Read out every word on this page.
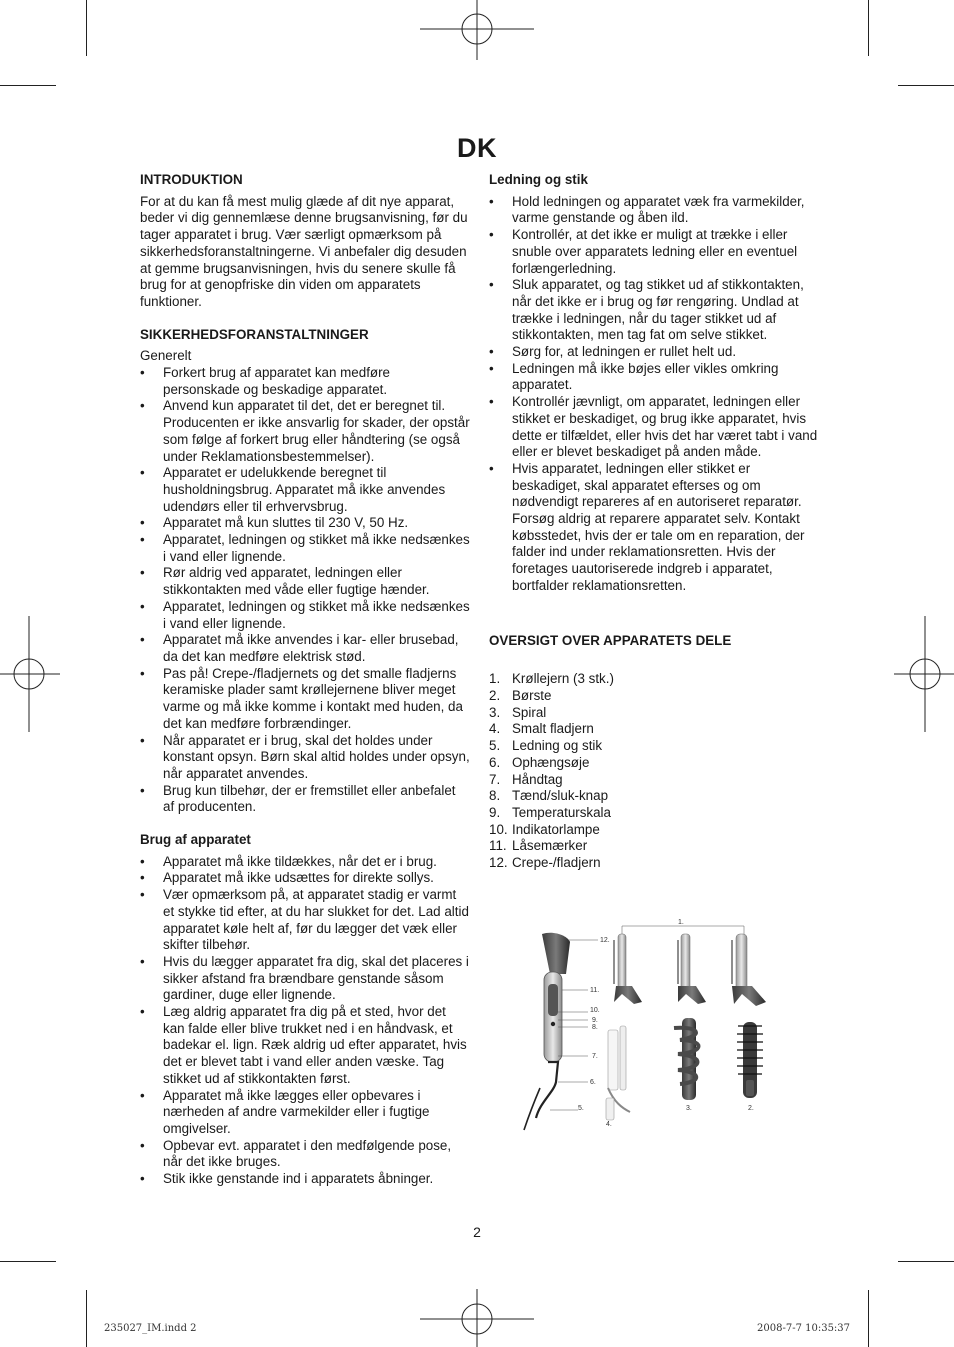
DK

INTRODUKTION

For at du kan få mest mulig glæde af dit nye apparat, beder vi dig gennemlæse denne brugsanvisning, før du tager apparatet i brug. Vær særligt opmærksom på sikkerhedsforanstaltningerne. Vi anbefaler dig desuden at gemme brugsanvisningen, hvis du senere skulle få brug for at genopfriske din viden om apparatets funktioner.

SIKKERHEDSFORANSTALTNINGER

Generelt

•	Forkert brug af apparatet kan medføre personskade og beskadige apparatet.
•	Anvend kun apparatet til det, det er beregnet til. Producenten er ikke ansvarlig for skader, der opstår som følge af forkert brug eller håndtering (se også under Reklamationsbestemmelser).
•	Apparatet er udelukkende beregnet til husholdningsbrug. Apparatet må ikke anvendes udendørs eller til erhvervsbrug.
•	Apparatet må kun sluttes til 230 V, 50 Hz.
•	Apparatet, ledningen og stikket må ikke nedsænkes i vand eller lignende.
•	Rør aldrig ved apparatet, ledningen eller stikkontakten med våde eller fugtige hænder.
•	Apparatet, ledningen og stikket må ikke nedsænkes i vand eller lignende.
•	Apparatet må ikke anvendes i kar- eller brusebad, da det kan medføre elektrisk stød.
•	Pas på! Crepe-/fladjernets og det smalle fladjerns keramiske plader samt krøllejernene bliver meget varme og må ikke komme i kontakt med huden, da det kan medføre forbrændinger.
•	Når apparatet er i brug, skal det holdes under konstant opsyn. Børn skal altid holdes under opsyn, når apparatet anvendes.
•	Brug kun tilbehør, der er fremstillet eller anbefalet af producenten.

Brug af apparatet

•	Apparatet må ikke tildækkes, når det er i brug.
•	Apparatet må ikke udsættes for direkte sollys.
•	Vær opmærksom på, at apparatet stadig er varmt et stykke tid efter, at du har slukket for det. Lad altid apparatet køle helt af, før du lægger det væk eller skifter tilbehør.
•	Hvis du lægger apparatet fra dig, skal det placeres i sikker afstand fra brændbare genstande såsom gardiner, duge eller lignende.
•	Læg aldrig apparatet fra dig på et sted, hvor det kan falde eller blive trukket ned i en håndvask, et badekar el. lign. Ræk aldrig ud efter apparatet, hvis det er blevet tabt i vand eller anden væske. Tag stikket ud af stikkontakten først.
•	Apparatet må ikke lægges eller opbevares i nærheden af andre varmekilder eller i fugtige omgivelser.
•	Opbevar evt. apparatet i den medfølgende pose, når det ikke bruges.
•	Stik ikke genstande ind i apparatets åbninger.

Ledning og stik

•	Hold ledningen og apparatet væk fra varmekilder, varme genstande og åben ild.
•	Kontrollér, at det ikke er muligt at trække i eller snuble over apparatets ledning eller en eventuel forlængerledning.
•	Sluk apparatet, og tag stikket ud af stikkontakten, når det ikke er i brug og før rengøring. Undlad at trække i ledningen, når du tager stikket ud af stikkontakten, men tag fat om selve stikket.
•	Sørg for, at ledningen er rullet helt ud.
•	Ledningen må ikke bøjes eller vikles omkring apparatet.
•	Kontrollér jævnligt, om apparatet, ledningen eller stikket er beskadiget, og brug ikke apparatet, hvis dette er tilfældet, eller hvis det har været tabt i vand eller er blevet beskadiget på anden måde.
•	Hvis apparatet, ledningen eller stikket er beskadiget, skal apparatet efterses og om nødvendigt repareres af en autoriseret reparatør. Forsøg aldrig at reparere apparatet selv. Kontakt købsstedet, hvis der er tale om en reparation, der falder ind under reklamationsretten. Hvis der foretages uautoriserede indgreb i apparatet, bortfalder reklamationsretten.

OVERSIGT OVER APPARATETS DELE

1. Krøllejern (3 stk.)
2. Børste
3. Spiral
4. Smalt fladjern
5. Ledning og stik
6. Ophængsøje
7. Håndtag
8. Tænd/sluk-knap
9. Temperaturskala
10. Indikatorlampe
11. Låsemærker
12. Crepe-/fladjern
1.
2.
3.
4.
5.
6.
7.
8.
9.
10.
11.
12.
2
235027_IM.indd 2	2008-7-7 10:35:37
